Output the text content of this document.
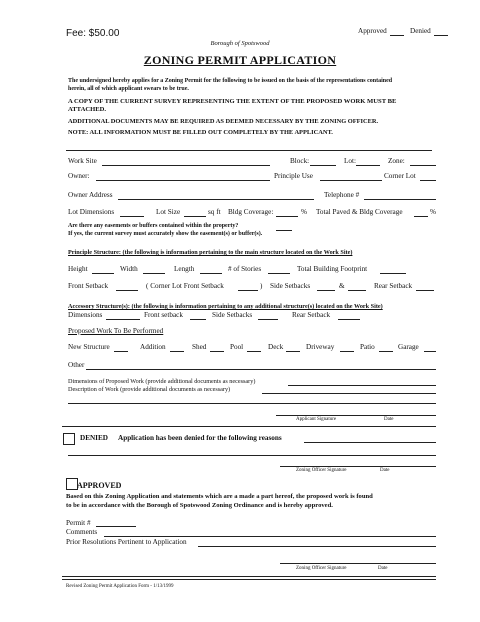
Fee: $50.00	Approved	Denied
Borough of Spotswood
ZONING PERMIT APPLICATION
The undersigned hereby applies for a Zoning Permit for the following to be issued on the basis of the representations contained
herein, all of which applicant swears to be true.
A COPY OF THE CURRENT SURVEY REPRESENTING THE EXTENT OF THE PROPOSED WORK MUST BE
ATTACHED.
ADDITIONAL DOCUMENTS MAY BE REQUIRED AS DEEMED NECESSARY BY THE ZONING OFFICER.
NOTE: ALL INFORMATION MUST BE FILLED OUT COMPLETELY BY THE APPLICANT.
Work Site	Block:	Lot:	Zone:
Owner:	Principle Use	Corner Lot
Owner Address	Telephone #
Lot Dimensions	Lot Size	sq ft Bldg Coverage:	% Total Paved & Bldg Coverage	%
Are there any easements or buffers contained within the property?
If yes, the current survey must accurately show the easement(s) or buffer(s).
Principle Structure: (the following is information pertaining to the main structure located on the Work Site)
Height	Width	Length	# of Stories	Total Building Footprint
Front Setback	( Corner Lot Front Setback	) Side Setbacks	&	Rear Setback
Accessory Structure(s): (the following is information pertaining to any additional structure(s) located on the Work Site)
Dimensions	Front setback	Side Setbacks	Rear Setback
Proposed Work To Be Performed
New Structure	Addition	Shed	Pool	Deck	Driveway	Patio	Garage
Other
Dimensions of Proposed Work (provide additional documents as necessary)
Description of Work (provide additional documents as necessary)
Applicant Signature	Date
DENIED Application has been denied for the following reasons
Zoning Officer Signature	Date
APPROVED
Based on this Zoning Application and statements which are a made a part hereof, the proposed work is found
to be in accordance with the Borough of Spotswood Zoning Ordinance and is hereby approved.
Permit #
Comments
Prior Resolutions Pertinent to Application
Zoning Officer Signature	Date
Revised Zoning Permit Application Form - 1/13/1999
